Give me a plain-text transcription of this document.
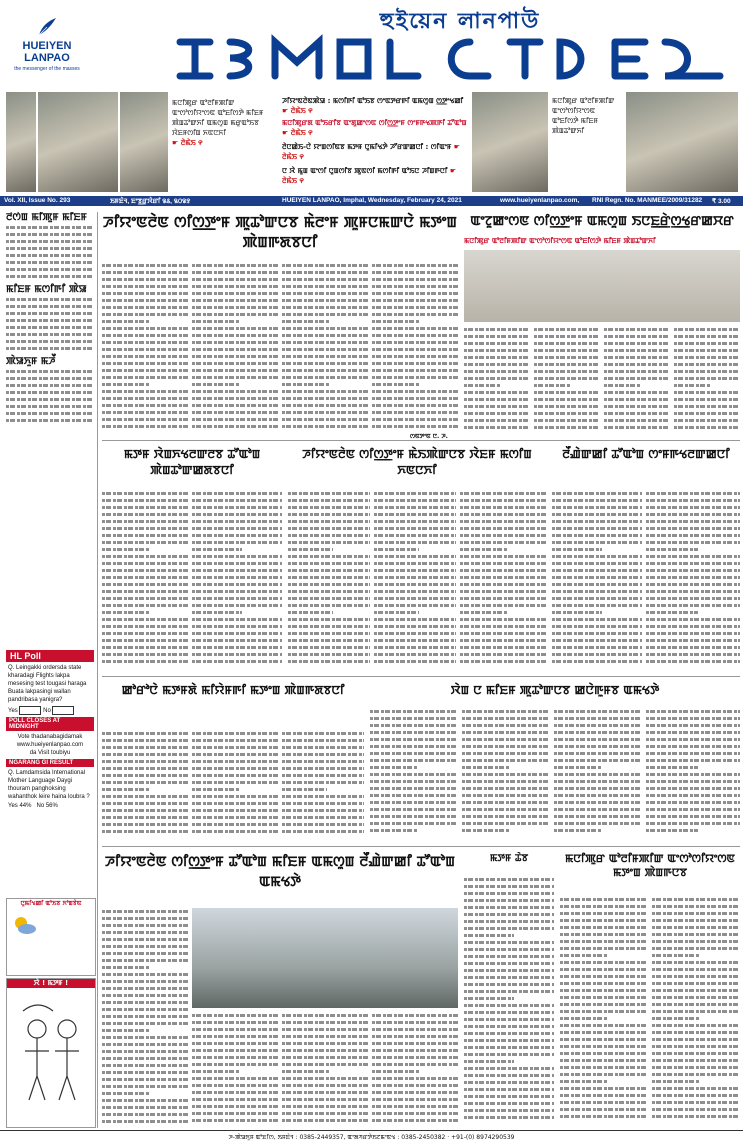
HUEIYEN
LANPAO
the messenger of the masses
হুইয়েন লানপাউ
ꯃꯅꯤꯄꯨꯔ ꯑꯣꯂꯤꯝꯄꯤꯛ ꯑꯦꯁꯣꯁꯤꯌꯦꯁꯟ ꯑꯣꯐꯤꯁꯇꯥ ꯃꯤꯐꯝ ꯄꯥꯡꯊꯣꯛꯈꯤ ꯑꯃꯁꯨꯡ ꯃꯔꯨꯑꯣꯏꯕ ꯋꯥꯐꯝꯁꯤꯡ ꯈꯟꯅꯈꯤ
☛ ꯂꯥꯃꯥꯏ ꯵
ꯍꯤꯌꯦꯟꯂꯥꯟꯄꯥꯎ : ꯃꯁꯤꯒꯤ ꯑꯣꯏꯕ ꯁꯦꯟꯇꯔꯒꯤ ꯑꯃꯁꯨꯡ ꯁ꯭ꯇꯦꯠꯀꯤ ☛ ꯂꯥꯃꯥꯏ ꯵
ꯃꯅꯤꯄꯨꯔꯗ ꯑꯣꯏꯔꯤꯕ ꯑꯦꯗꯨꯀꯦꯁꯟ ꯁꯤꯁ꯭ꯇꯦꯝ ꯁꯦꯝꯒꯠꯄꯒꯤ ꯊꯧꯑꯣꯡ ☛ ꯂꯥꯃꯥꯏ ꯵
ꯂꯥꯅꯀꯥꯏ-ꯅꯥ ꯌꯦꯡꯁꯤꯟꯕ ꯃꯇꯝ ꯅꯨꯃꯤꯠꯇꯥ ꯍꯧꯔꯛꯀꯅꯤ : ꯁꯤꯑꯦꯝ ☛ ꯂꯥꯃꯥꯏ ꯵
ꯅ ꯋꯥ ꯃꯨꯡ ꯑꯦꯁꯤ ꯅꯨꯡꯁꯤꯕ ꯄꯨꯟꯁꯤ ꯃꯁꯤꯒꯤ ꯑꯣꯏꯅ ꯍꯤꯡꯒꯅꯤ ☛ ꯂꯥꯃꯥꯏ ꯵
ꯃꯅꯤꯄꯨꯔ ꯑꯣꯂꯤꯝꯄꯤꯛ ꯑꯦꯁꯣꯁꯤꯌꯦꯁꯟ ꯑꯣꯐꯤꯁꯇꯥ ꯃꯤꯐꯝ ꯄꯥꯡꯊꯣꯛꯈꯤ
Vol. XII, Issue No. 293	ꯏꯝꯐꯥꯜ, ꯐꯦꯕ꯭ꯔꯨꯋꯥꯔꯤ ꯲꯴, ꯲꯰꯲꯱	HUEIYEN LANPAO, Imphal, Wednesday, February 24, 2021	www.hueiyenlanpao.com, RNI Regn. No. MANMEE/2009/31282 ₹ 3.00
ꯂꯩꯁꯥꯡ ꯃꯤꯄꯨꯝ ꯃꯤꯐꯝ
ꯃꯤꯐꯝ ꯃꯁꯤꯒꯤ ꯄꯥꯎ
ꯄꯥꯎꯈꯨꯝ ꯃꯍꯩ
ꯍꯤꯌꯦꯟꯂꯥꯟ ꯁꯤꯁ꯭ꯇꯦꯝ ꯄꯨꯊꯣꯛꯅꯕ ꯃꯥꯂꯦꯝ ꯄꯨꯝꯅꯃꯛꯅꯥ ꯃꯇꯦꯡ ꯄꯥꯡꯒꯗꯕꯅꯤ
ꯁꯟꯇꯦꯟ ꯅ. ꯍ.
ꯑꯦꯖꯨꯀꯦꯁꯟ ꯁꯤꯁ꯭ꯇꯦꯝ ꯑꯃꯁꯨꯡ ꯏꯅꯐ꯭ꯔꯥꯁ꯭ꯠꯔꯀꯆꯔ
ꯃꯅꯤꯄꯨꯔ ꯑꯣꯂꯤꯝꯄꯤꯛ ꯑꯦꯁꯣꯁꯤꯌꯦꯁꯟ ꯑꯣꯐꯤꯁꯇꯥ ꯃꯤꯐꯝ ꯄꯥꯡꯊꯣꯛꯈꯤ
ꯃꯇꯝ ꯋꯥꯡꯈꯠꯂꯛꯂꯕ ꯊꯧꯑꯣꯡ ꯄꯥꯡꯊꯣꯛꯀꯗꯕꯅꯤ
ꯍꯤꯌꯦꯟꯂꯥꯟ ꯁꯤꯁ꯭ꯇꯦꯝ ꯃꯥꯏꯄꯥꯛꯅꯕ ꯋꯥꯐꯝ ꯃꯁꯤꯡ ꯈꯟꯅꯈꯤ
ꯂꯩꯉꯥꯛꯀꯤ ꯊꯧꯑꯣꯡ ꯁꯦꯝꯒꯠꯂꯛꯀꯅꯤ
ꯀꯣꯔꯣꯅꯥ ꯃꯇꯝꯗꯥ ꯃꯤꯌꯥꯝꯒꯤ ꯃꯇꯦꯡ ꯄꯥꯡꯒꯗꯕꯅꯤ	ꯋꯥꯡ ꯅ ꯃꯤꯐꯝ ꯄꯨꯊꯣꯛꯅꯕ ꯀꯅꯥꯒꯨꯝꯕ ꯑꯃꯠꯇꯥ
ꯍꯤꯌꯦꯟꯂꯥꯟ ꯁꯤꯁ꯭ꯇꯦꯝ ꯊꯧꯑꯣꯡ ꯃꯤꯐꯝ ꯑꯃꯁꯨꯡ ꯂꯩꯉꯥꯛꯀꯤ ꯊꯧꯑꯣꯡ ꯑꯃꯠꯇꯥ
ꯃꯇꯝ ꯊꯥꯕ	ꯃꯅꯤꯄꯨꯔ ꯑꯣꯂꯤꯝꯄꯤꯛ ꯑꯦꯁꯣꯁꯤꯌꯦꯁꯟ ꯃꯇꯦꯡ ꯄꯥꯡꯒꯅꯕ
HL Poll
Q. Leingakki ordersda state kharadagi Flights lakpa mesesing test tougasi haraga Buata lakpasingi wallan pandribasa yanigra?
Yes	No
POLL CLOSES AT MIDNIGHT
Vote thadanabagidamak
www.hueiyenlanpao.com
da Visit toubiyu
NGARANG GI RESULT
Q. Lamdamsida International Mother Language Daygi thouram panghoksing wahanthok leire haina loubra ?
Yes 44% No 56%
ꯅꯨꯃꯤꯠꯀꯤ ꯑꯣꯏꯕ ꯈꯣꯡꯕꯥꯟ
ꯋꯥ ! ꯃꯇꯝ !
ꯍ-ꯄꯥꯎꯈꯨꯝ ꯑꯣꯐꯤꯁ, ꯏꯝꯐꯥꯜ : 0385-2449357, ꯑꯦꯗꯚꯔꯇꯥꯏꯖꯃꯦꯟꯠ : 0385-2450382 · +91-(0) 8974290539
